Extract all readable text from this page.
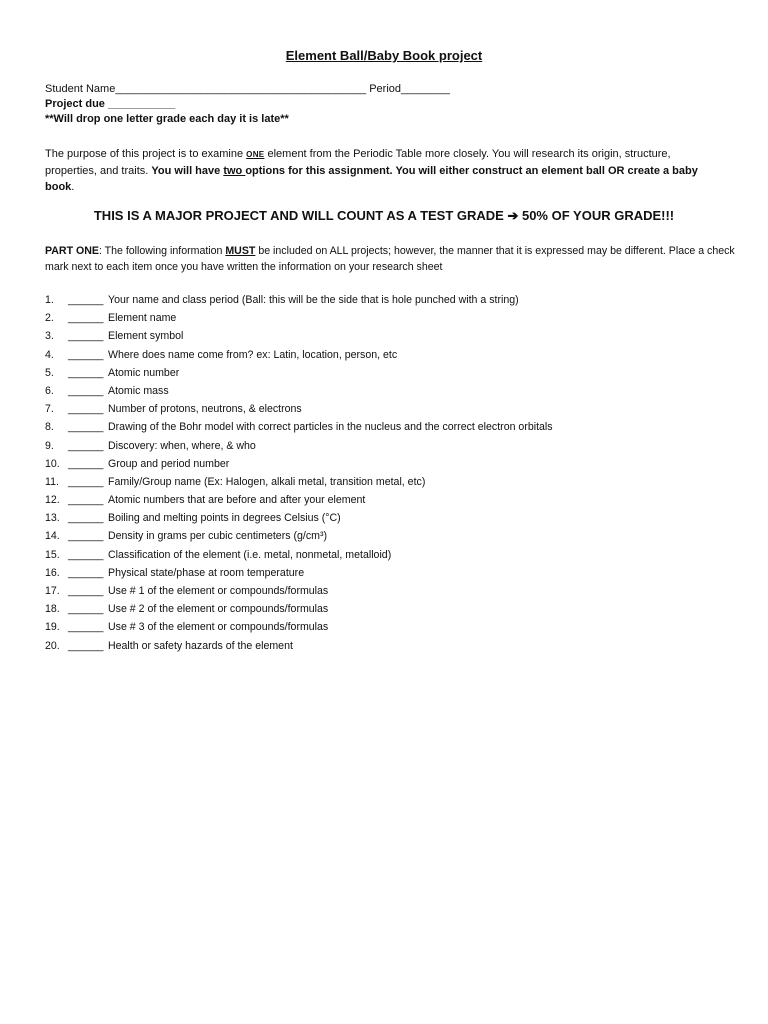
Element Ball/Baby Book project
Student Name_________________________________________ Period________
Project due ___________
**Will drop one letter grade each day it is late**
The purpose of this project is to examine ONE element from the Periodic Table more closely. You will research its origin, structure, properties, and traits. You will have two options for this assignment. You will either construct an element ball OR create a baby book.
THIS IS A MAJOR PROJECT AND WILL COUNT AS A TEST GRADE ➔ 50% OF YOUR GRADE!!!
PART ONE: The following information MUST be included on ALL projects; however, the manner that it is expressed may be different. Place a check mark next to each item once you have written the information on your research sheet
1. ______ Your name and class period (Ball: this will be the side that is hole punched with a string)
2. ______ Element name
3. ______ Element symbol
4. ______ Where does name come from? ex: Latin, location, person, etc
5. ______ Atomic number
6. ______ Atomic mass
7. ______ Number of protons, neutrons, & electrons
8. ______ Drawing of the Bohr model with correct particles in the nucleus and the correct electron orbitals
9. ______ Discovery: when, where, & who
10. ______ Group and period number
11. ______ Family/Group name (Ex: Halogen, alkali metal, transition metal, etc)
12. ______ Atomic numbers that are before and after your element
13. ______ Boiling and melting points in degrees Celsius (°C)
14. ______ Density in grams per cubic centimeters (g/cm³)
15. ______ Classification of the element (i.e. metal, nonmetal, metalloid)
16. ______ Physical state/phase at room temperature
17. ______ Use # 1 of the element or compounds/formulas
18. ______ Use # 2 of the element or compounds/formulas
19. ______ Use # 3 of the element or compounds/formulas
20. ______ Health or safety hazards of the element
